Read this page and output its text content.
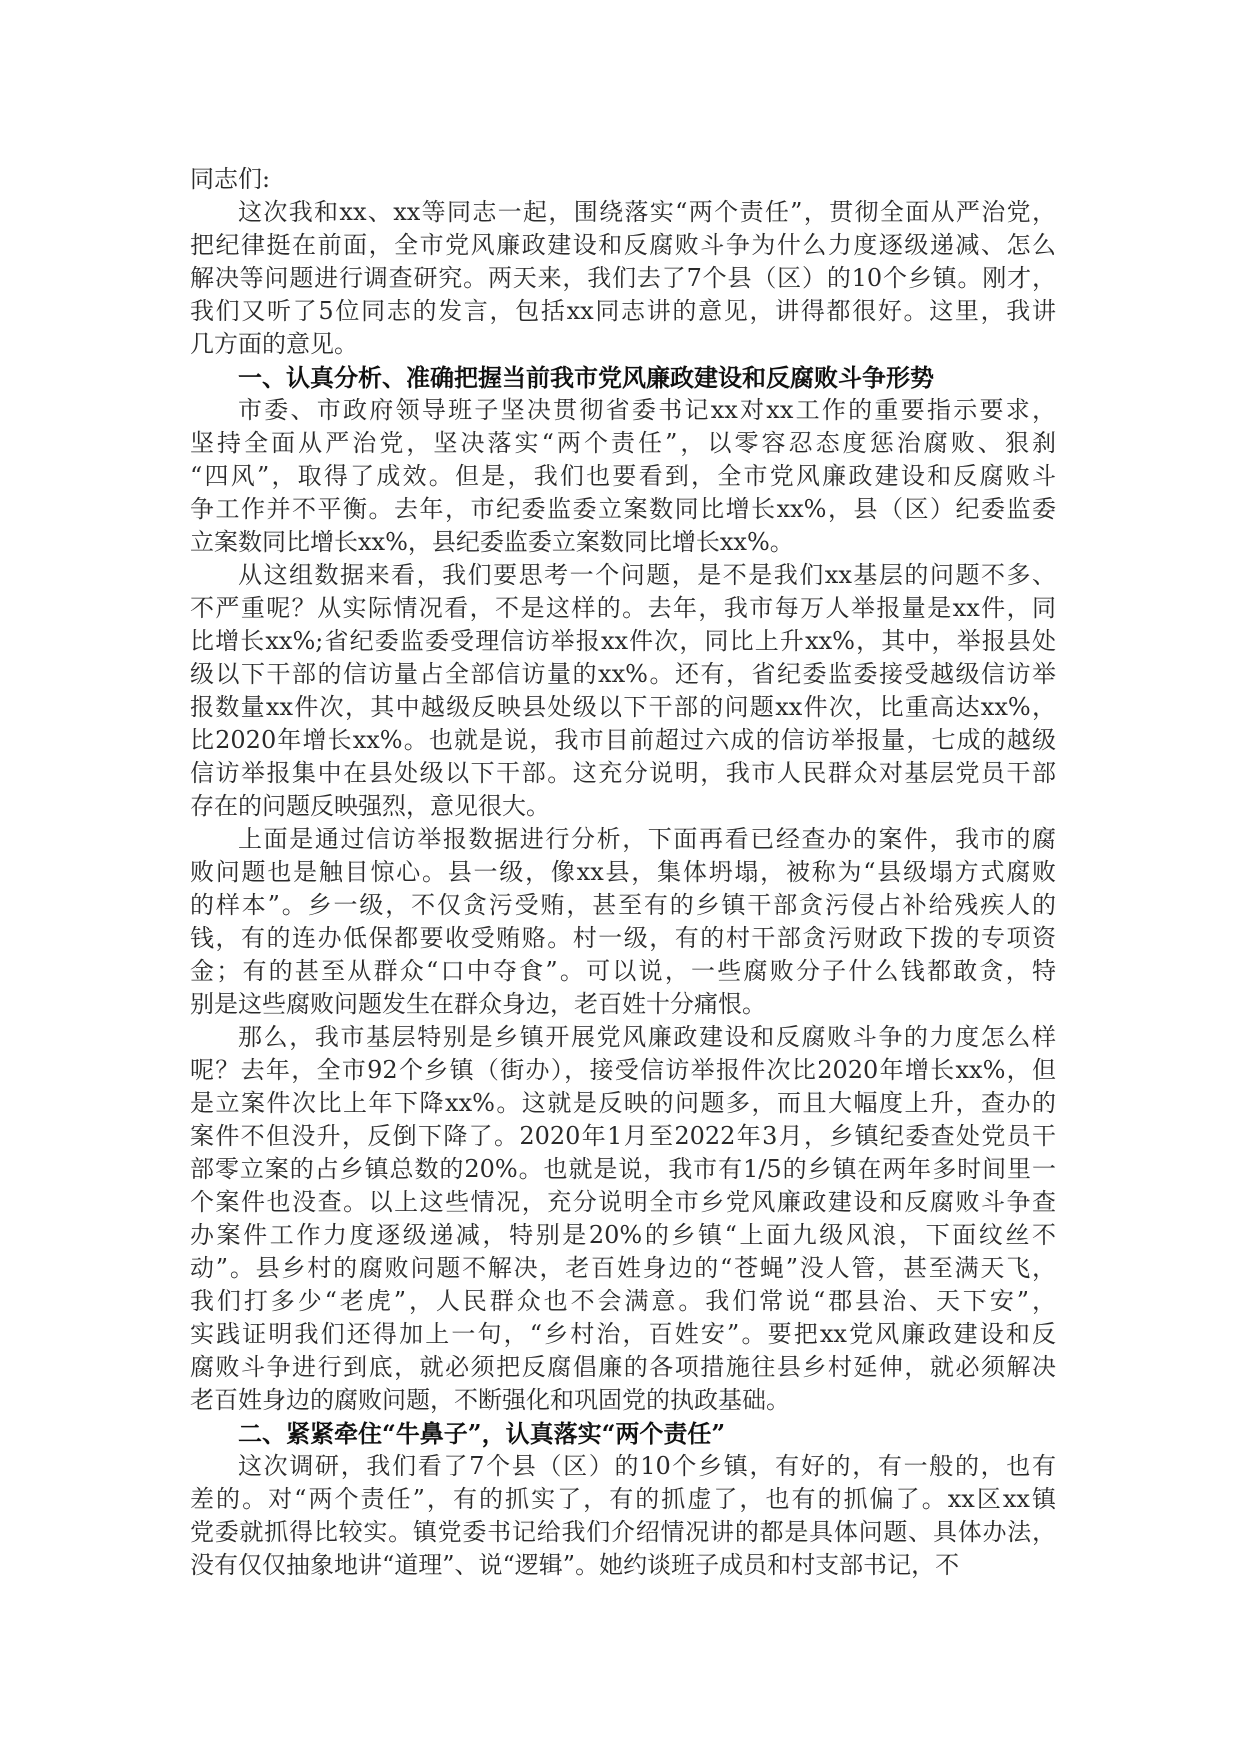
同志们:
这次我和xx、xx等同志一起，围绕落实“两个责任”，贯彻全面从严治党，
把纪律挺在前面，全市党风廉政建设和反腐败斗争为什么力度逐级递减、怎么
解决等问题进行调查研究。两天来，我们去了7个县（区）的10个乡镇。刚才，
我们又听了5位同志的发言，包括xx同志讲的意见，讲得都很好。这里，我讲
几方面的意见。
一、认真分析、准确把握当前我市党风廉政建设和反腐败斗争形势
市委、市政府领导班子坚决贯彻省委书记xx对xx工作的重要指示要求，
坚持全面从严治党，坚决落实“两个责任”，以零容忍态度惩治腐败、狠刹
“四风”，取得了成效。但是，我们也要看到，全市党风廉政建设和反腐败斗
争工作并不平衡。去年，市纪委监委立案数同比增长xx%，县（区）纪委监委
立案数同比增长xx%，县纪委监委立案数同比增长xx%。
从这组数据来看，我们要思考一个问题，是不是我们xx基层的问题不多、
不严重呢？从实际情况看，不是这样的。去年，我市每万人举报量是xx件，同
比增长xx%;省纪委监委受理信访举报xx件次，同比上升xx%，其中，举报县处
级以下干部的信访量占全部信访量的xx%。还有，省纪委监委接受越级信访举
报数量xx件次，其中越级反映县处级以下干部的问题xx件次，比重高达xx%，
比2020年增长xx%。也就是说，我市目前超过六成的信访举报量，七成的越级
信访举报集中在县处级以下干部。这充分说明，我市人民群众对基层党员干部
存在的问题反映强烈，意见很大。
上面是通过信访举报数据进行分析，下面再看已经查办的案件，我市的腐
败问题也是触目惊心。县一级，像xx县，集体坍塌，被称为“县级塌方式腐败
的样本”。乡一级，不仅贪污受贿，甚至有的乡镇干部贪污侵占补给残疾人的
钱，有的连办低保都要收受贿赂。村一级，有的村干部贪污财政下拨的专项资
金；有的甚至从群众“口中夺食”。可以说，一些腐败分子什么钱都敢贪，特
别是这些腐败问题发生在群众身边，老百姓十分痛恨。
那么，我市基层特别是乡镇开展党风廉政建设和反腐败斗争的力度怎么样
呢？去年，全市92个乡镇（街办），接受信访举报件次比2020年增长xx%，但
是立案件次比上年下降xx%。这就是反映的问题多，而且大幅度上升，查办的
案件不但没升，反倒下降了。2020年1月至2022年3月，乡镇纪委查处党员干
部零立案的占乡镇总数的20%。也就是说，我市有1/5的乡镇在两年多时间里一
个案件也没查。以上这些情况，充分说明全市乡党风廉政建设和反腐败斗争查
办案件工作力度逐级递减，特别是20%的乡镇“上面九级风浪，下面纹丝不
动”。县乡村的腐败问题不解决，老百姓身边的“苍蝇”没人管，甚至满天飞，
我们打多少“老虎”，人民群众也不会满意。我们常说“郡县治、天下安”，
实践证明我们还得加上一句，“乡村治，百姓安”。要把xx党风廉政建设和反
腐败斗争进行到底，就必须把反腐倡廉的各项措施往县乡村延伸，就必须解决
老百姓身边的腐败问题，不断强化和巩固党的执政基础。
二、紧紧牵住“牛鼻子”，认真落实“两个责任”
这次调研，我们看了7个县（区）的10个乡镇，有好的，有一般的，也有
差的。对“两个责任”，有的抓实了，有的抓虚了，也有的抓偏了。xx区xx镇
党委就抓得比较实。镇党委书记给我们介绍情况讲的都是具体问题、具体办法，
没有仅仅抽象地讲“道理”、说“逻辑”。她约谈班子成员和村支部书记，不
